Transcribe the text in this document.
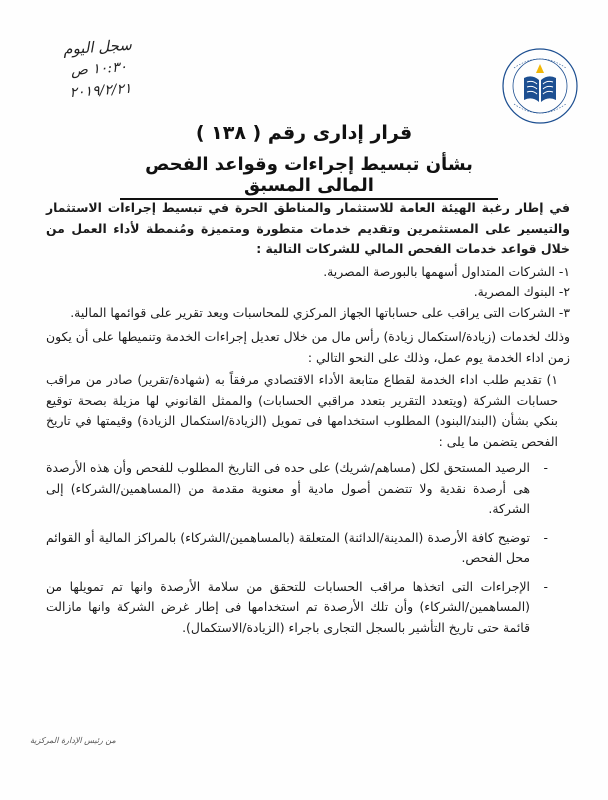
سجل اليوم
١٠:٣٠ ص
٢٠١٩/٢/٢١
قرار إدارى رقم ( ١٣٨ )
بشأن تبسيط إجراءات وقواعد الفحص المالى المسبق

في إطار رغبة الهيئة العامة للاستثمار والمناطق الحرة في تبسيط إجراءات الاستثمار والتيسير على المستثمرين وتقديم خدمات متطورة ومتميزة ومُنمطة لأداء العمل من خلال قواعد خدمات الفحص المالي للشركات التالية :

١- الشركات المتداول أسهمها بالبورصة المصرية.

٢- البنوك المصرية.

٣- الشركات التى يراقب على حساباتها الجهاز المركزي للمحاسبات ويعد تقرير على قوائمها المالية.

وذلك لخدمات (زيادة/استكمال زيادة) رأس مال من خلال تعديل إجراءات الخدمة وتنميطها على أن يكون زمن اداء الخدمة يوم عمل، وذلك على النحو التالي :

١) تقديم طلب اداء الخدمة لقطاع متابعة الأداء الاقتصادي مرفقاً به (شهادة/تقرير) صادر من مراقب حسابات الشركة (ويتعدد التقرير بتعدد مراقبي الحسابات) والممثل القانوني لها مزيلة بصحة توقيع بنكي بشأن (البند/البنود) المطلوب استخدامها فى تمويل (الزيادة/استكمال الزيادة) وقيمتها في تاريخ الفحص يتضمن ما يلى :

-
الرصيد المستحق لكل (مساهم/شريك) على حده فى التاريخ المطلوب للفحص وأن هذه الأرصدة هى أرصدة نقدية ولا تتضمن أصول مادية أو معنوية مقدمة من (المساهمين/الشركاء) إلى الشركة.
-
توضيح كافة الأرصدة (المدينة/الدائنة) المتعلقة (بالمساهمين/الشركاء) بالمراكز المالية أو القوائم محل الفحص.
-
الإجراءات التى اتخذها مراقب الحسابات للتحقق من سلامة الأرصدة وانها تم تمويلها من (المساهمين/الشركاء) وأن تلك الأرصدة تم استخدامها فى إطار غرض الشركة وانها مازالت قائمة حتى تاريخ التأشير بالسجل التجارى باجراء (الزيادة/الاستكمال).
من رئيس الإدارة المركزية
